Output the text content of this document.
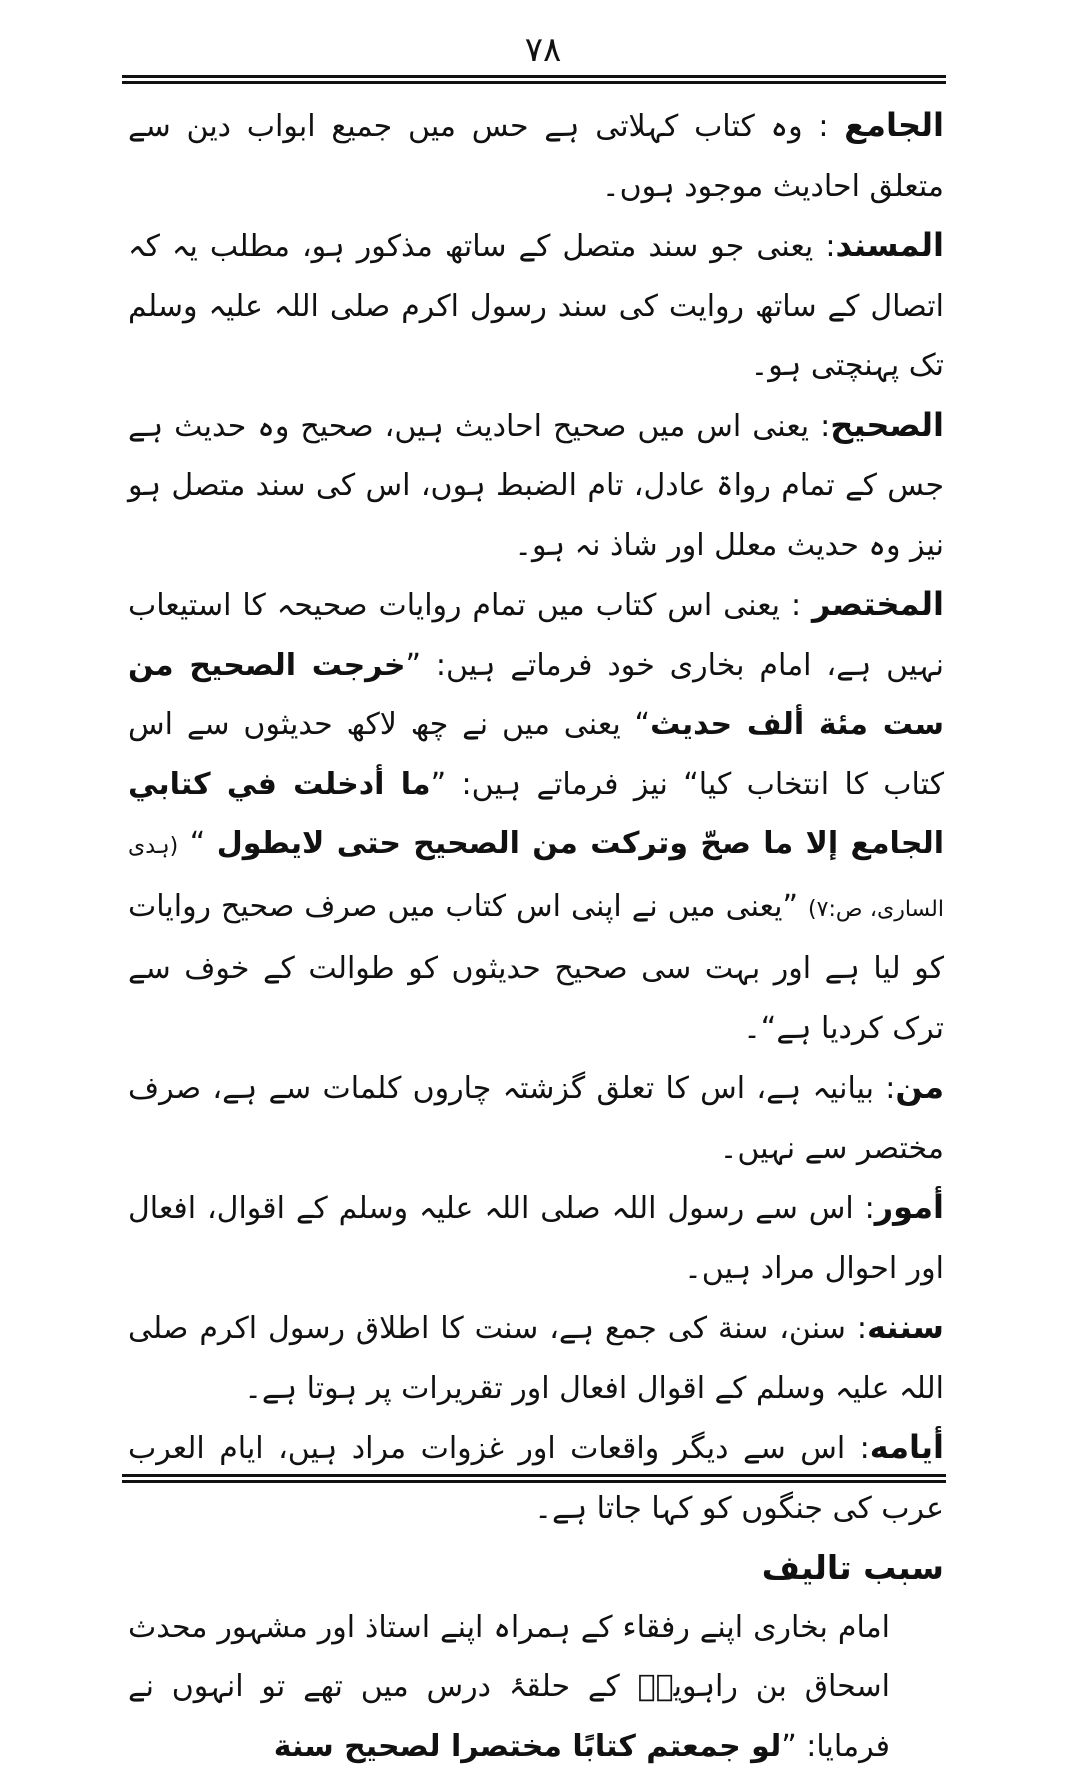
۷۸

الجامع : وہ کتاب کہلاتی ہے حس میں جمیع ابواب دین سے متعلق احادیث موجود ہوں۔

المسند: یعنی جو سند متصل کے ساتھ مذکور ہو، مطلب یہ کہ اتصال کے ساتھ روایت کی سند رسول اکرم صلی اللہ علیہ وسلم تک پہنچتی ہو۔

الصحیح: یعنی اس میں صحیح احادیث ہیں، صحیح وہ حدیث ہے جس کے تمام رواۃ عادل، تام الضبط ہوں، اس کی سند متصل ہو نیز وہ حدیث معلل اور شاذ نہ ہو۔

المختصر : یعنی اس کتاب میں تمام روایات صحیحہ کا استیعاب نہیں ہے، امام بخاری خود فرماتے ہیں: ”خرجت الصحیح من ست مئة ألف حدیث“ یعنی میں نے چھ لاکھ حدیثوں سے اس کتاب کا انتخاب کیا“ نیز فرماتے ہیں: ”ما أدخلت في كتابي الجامع إلا ما صحّ وتركت من الصحیح حتى لایطول “ (ہدی الساری، ص:۷) ”یعنی میں نے اپنی اس کتاب میں صرف صحیح روایات کو لیا ہے اور بہت سی صحیح حدیثوں کو طوالت کے خوف سے ترک کردیا ہے“۔

من: بیانیہ ہے، اس کا تعلق گزشتہ چاروں کلمات سے ہے، صرف مختصر سے نہیں۔

أمور: اس سے رسول اللہ صلی اللہ علیہ وسلم کے اقوال، افعال اور احوال مراد ہیں۔

سننه: سنن، سنة کی جمع ہے، سنت کا اطلاق رسول اکرم صلی اللہ علیہ وسلم کے اقوال افعال اور تقریرات پر ہوتا ہے۔

أیامه: اس سے دیگر واقعات اور غزوات مراد ہیں، ایام العرب عرب کی جنگوں کو کہا جاتا ہے۔

سبب تالیف

امام بخاری اپنے رفقاء کے ہمراہ اپنے استاذ اور مشہور محدث اسحاق بن راہویہؒ کے حلقۂ درس میں تھے تو انہوں نے فرمایا: ”لو جمعتم كتابًا مختصرا لصحیح سنة
